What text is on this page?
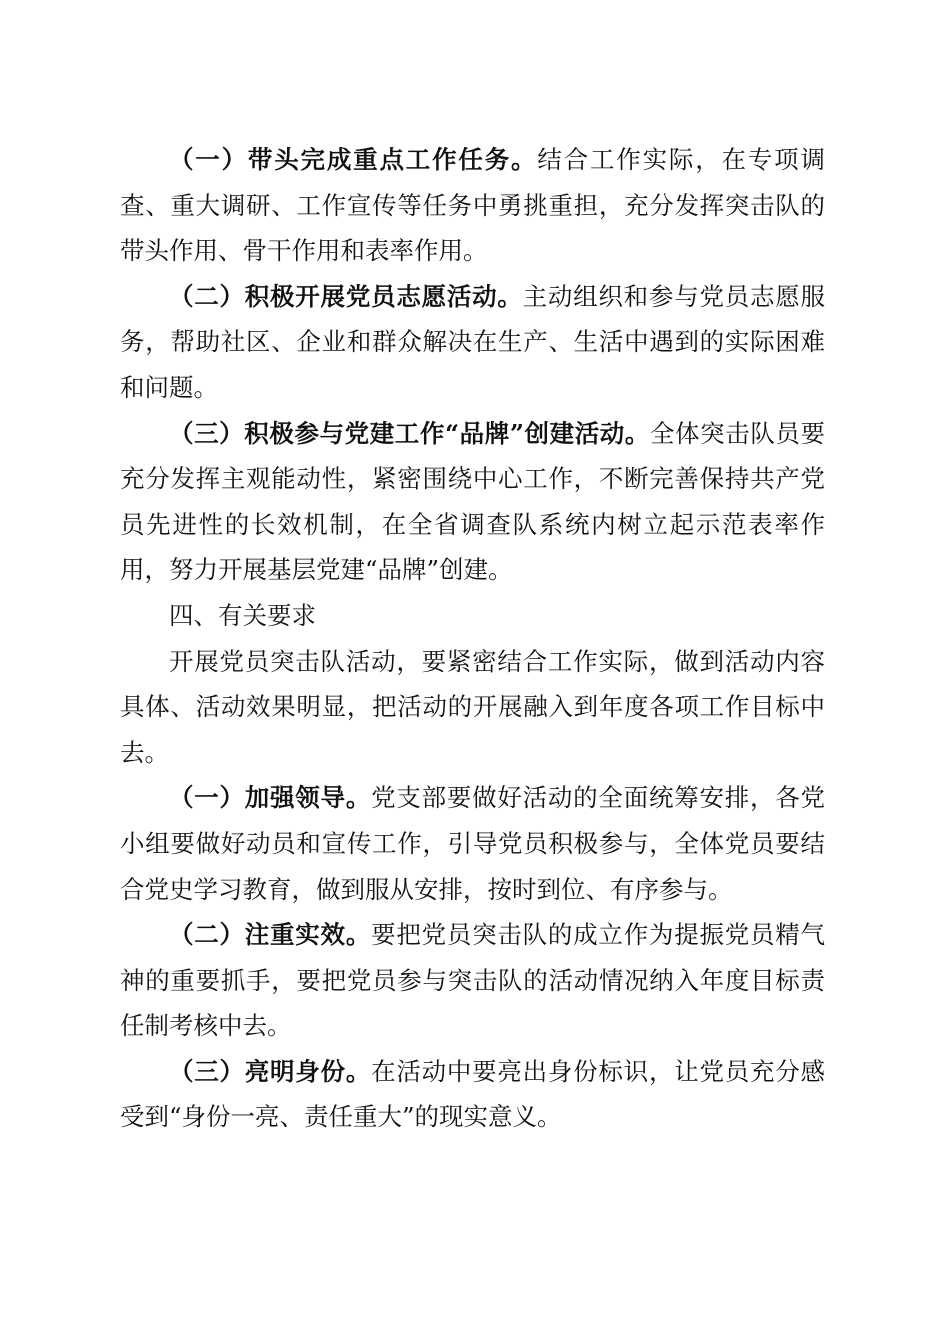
（一）带头完成重点工作任务。结合工作实际，在专项调查、重大调研、工作宣传等任务中勇挑重担，充分发挥突击队的带头作用、骨干作用和表率作用。

（二）积极开展党员志愿活动。主动组织和参与党员志愿服务，帮助社区、企业和群众解决在生产、生活中遇到的实际困难和问题。

（三）积极参与党建工作“品牌”创建活动。全体突击队员要充分发挥主观能动性，紧密围绕中心工作，不断完善保持共产党员先进性的长效机制，在全省调查队系统内树立起示范表率作用，努力开展基层党建“品牌”创建。

四、有关要求

开展党员突击队活动，要紧密结合工作实际，做到活动内容具体、活动效果明显，把活动的开展融入到年度各项工作目标中去。

（一）加强领导。党支部要做好活动的全面统筹安排，各党小组要做好动员和宣传工作，引导党员积极参与，全体党员要结合党史学习教育，做到服从安排，按时到位、有序参与。

（二）注重实效。要把党员突击队的成立作为提振党员精气神的重要抓手，要把党员参与突击队的活动情况纳入年度目标责任制考核中去。

（三）亮明身份。在活动中要亮出身份标识，让党员充分感受到“身份一亮、责任重大”的现实意义。
